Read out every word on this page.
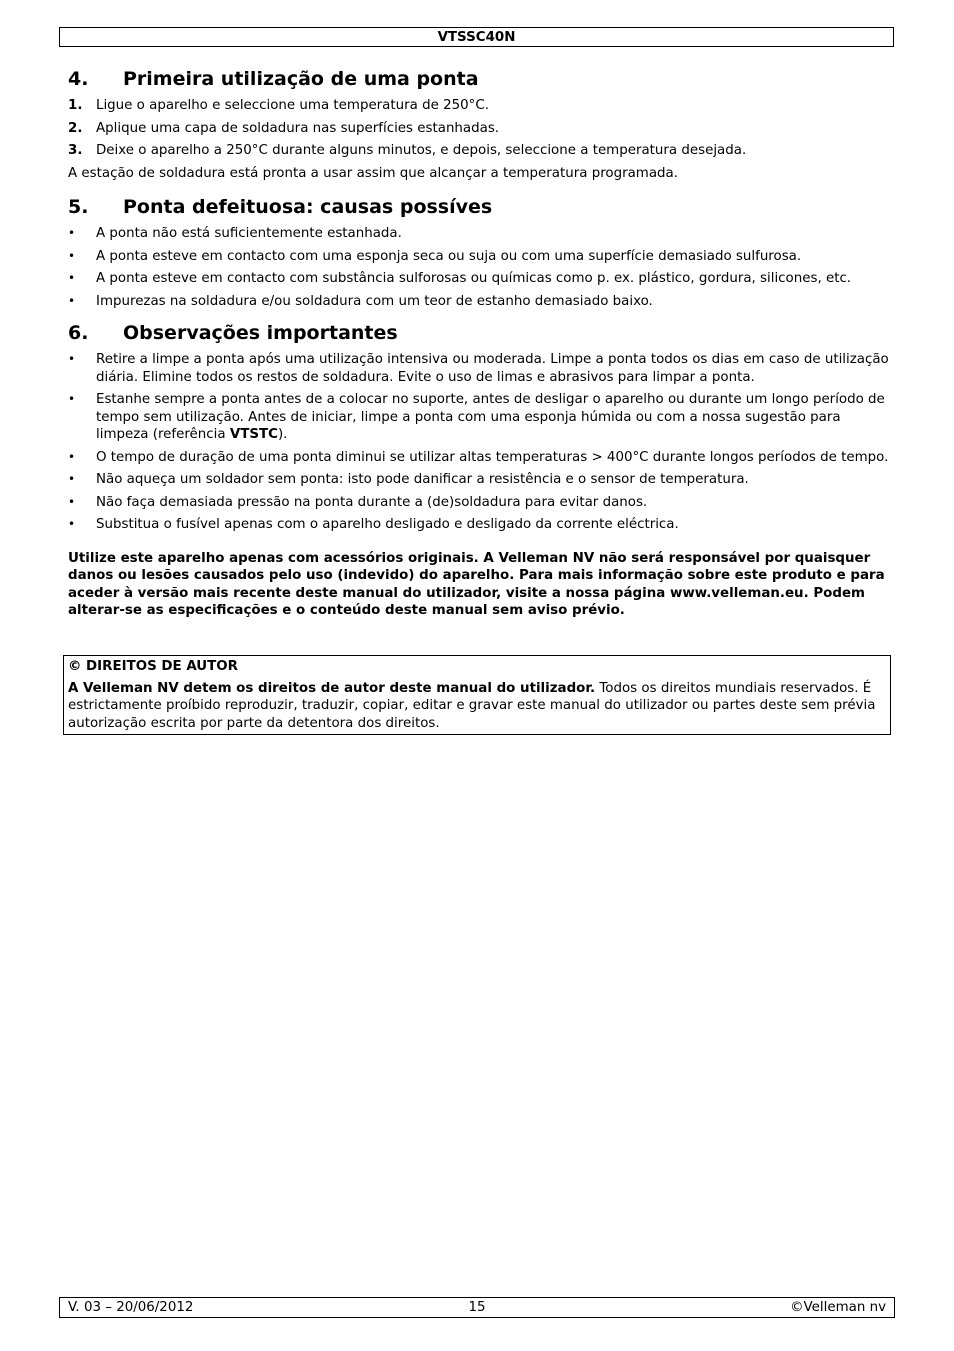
VTSSC40N
4.	Primeira utilização de uma ponta
1.	Ligue o aparelho e seleccione uma temperatura de 250°C.
2.	Aplique uma capa de soldadura nas superfícies estanhadas.
3.	Deixe o aparelho a 250°C durante alguns minutos, e depois, seleccione a temperatura desejada.

A estação de soldadura está pronta a usar assim que alcançar a temperatura programada.

5.	Ponta defeituosa: causas possíves
•	A ponta não está suficientemente estanhada.
•	A ponta esteve em contacto com uma esponja seca ou suja ou com uma superfície demasiado sulfurosa.
•	A ponta esteve em contacto com substância sulforosas ou químicas como p. ex. plástico, gordura, silicones, etc.
•	Impurezas na soldadura e/ou soldadura com um teor de estanho demasiado baixo.
6.	Observações importantes
•	Retire a limpe a ponta após uma utilização intensiva ou moderada. Limpe a ponta todos os dias em caso de utilização diária. Elimine todos os restos de soldadura. Evite o uso de limas e abrasivos para limpar a ponta.
•	Estanhe sempre a ponta antes de a colocar no suporte, antes de desligar o aparelho ou durante um longo período de tempo sem utilização. Antes de iniciar, limpe a ponta com uma esponja húmida ou com a nossa sugestão para limpeza (referência VTSTC).
•	O tempo de duração de uma ponta diminui se utilizar altas temperaturas > 400°C durante longos períodos de tempo.
•	Não aqueça um soldador sem ponta: isto pode danificar a resistência e o sensor de temperatura.
•	Não faça demasiada pressão na ponta durante a (de)soldadura para evitar danos.
•	Substitua o fusível apenas com o aparelho desligado e desligado da corrente eléctrica.

Utilize este aparelho apenas com acessórios originais. A Velleman NV não será responsável por quaisquer danos ou lesões causados pelo uso (indevido) do aparelho. Para mais informação sobre este produto e para aceder à versão mais recente deste manual do utilizador, visite a nossa página www.velleman.eu. Podem alterar-se as especificações e o conteúdo deste manual sem aviso prévio.

© DIREITOS DE AUTOR
A Velleman NV detem os direitos de autor deste manual do utilizador. Todos os direitos mundiais reservados. É estrictamente proíbido reproduzir, traduzir, copiar, editar e gravar este manual do utilizador ou partes deste sem prévia autorização escrita por parte da detentora dos direitos.
V. 03 – 20/06/2012	15	©Velleman nv
